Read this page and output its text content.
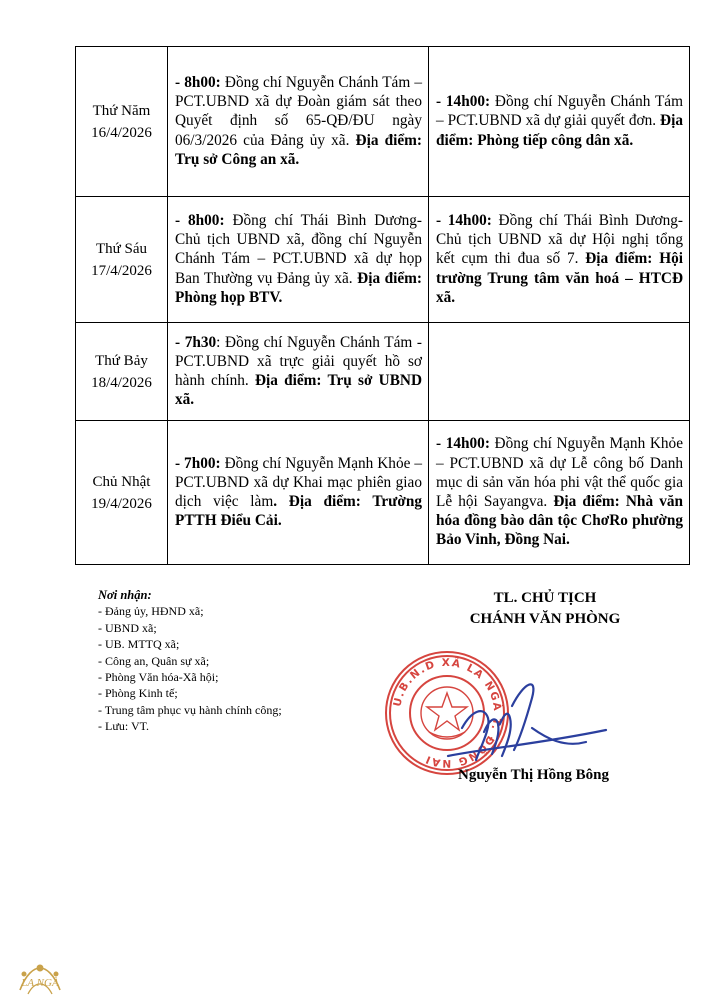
Thứ Năm
16/4/2026	- 8h00: Đồng chí Nguyễn Chánh Tám – PCT.UBND xã dự Đoàn giám sát theo Quyết định số 65-QĐ/ĐU ngày 06/3/2026 của Đảng ủy xã. Địa điểm: Trụ sở Công an xã.	- 14h00: Đồng chí Nguyễn Chánh Tám – PCT.UBND xã dự giải quyết đơn. Địa điểm: Phòng tiếp công dân xã.

Thứ Sáu
17/4/2026	- 8h00: Đồng chí Thái Bình Dương-Chủ tịch UBND xã, đồng chí Nguyễn Chánh Tám – PCT.UBND xã dự họp Ban Thường vụ Đảng ủy xã. Địa điểm: Phòng họp BTV.	- 14h00: Đồng chí Thái Bình Dương-Chủ tịch UBND xã dự Hội nghị tổng kết cụm thi đua số 7. Địa điểm: Hội trường Trung tâm văn hoá – HTCĐ xã.

Thứ Bảy
18/4/2026	- 7h30: Đồng chí Nguyễn Chánh Tám -PCT.UBND xã trực giải quyết hồ sơ hành chính. Địa điểm: Trụ sở UBND xã.	

Chủ Nhật
19/4/2026	- 7h00: Đồng chí Nguyễn Mạnh Khỏe – PCT.UBND xã dự Khai mạc phiên giao dịch việc làm. Địa điểm: Trường PTTH Điểu Cải.	- 14h00: Đồng chí Nguyễn Mạnh Khỏe – PCT.UBND xã dự Lễ công bố Danh mục di sản văn hóa phi vật thể quốc gia Lễ hội Sayangva. Địa điểm: Nhà văn hóa đồng bào dân tộc ChơRo phường Bảo Vinh, Đồng Nai.
Nơi nhận:
- Đảng ủy, HĐND xã;
- UBND xã;
- UB. MTTQ xã;
- Công an, Quân sự xã;
- Phòng Văn hóa-Xã hội;
- Phòng Kinh tế;
- Trung tâm phục vụ hành chính công;
- Lưu: VT.
TL. CHỦ TỊCH
CHÁNH VĂN PHÒNG
U.B.N.D XÃ LA NGÀ T. ĐỒNG NAI
Nguyễn Thị Hồng Bông
LA NGÀ
